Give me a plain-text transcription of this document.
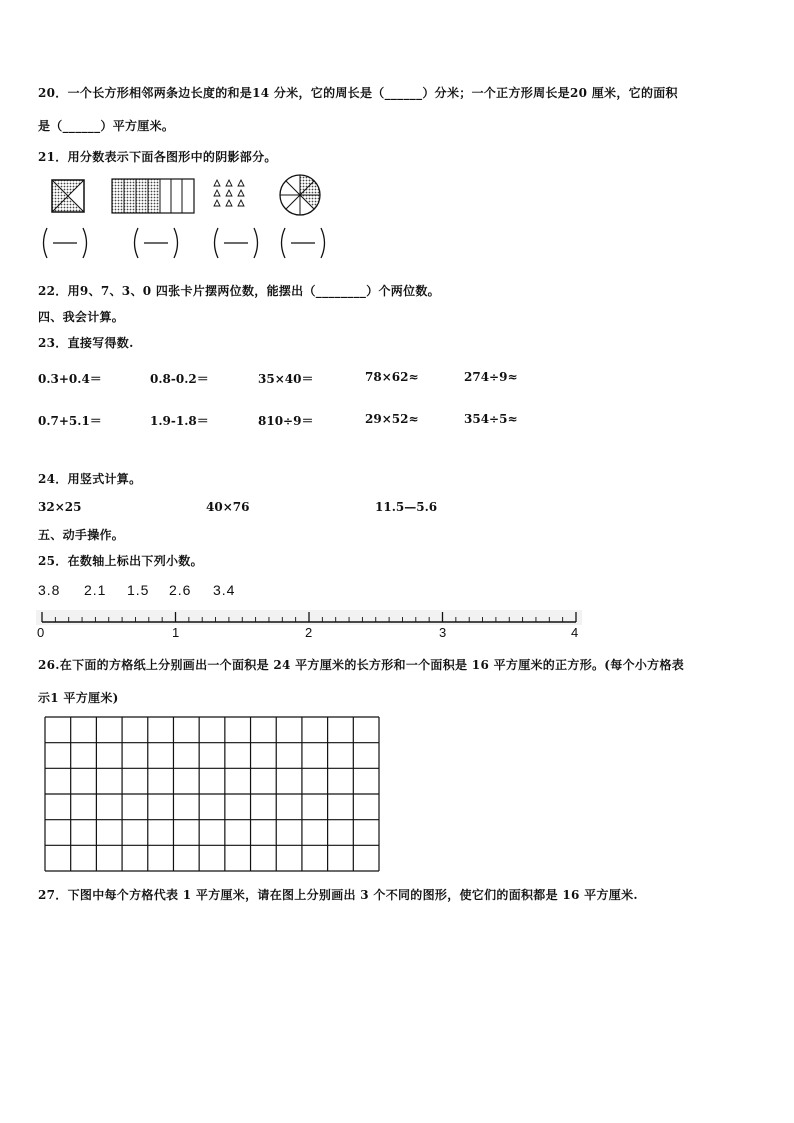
20．一个长方形相邻两条边长度的和是14 分米，它的周长是（______）分米；一个正方形周长是20 厘米，它的面积
是（______）平方厘米。
21．用分数表示下面各图形中的阴影部分。
22．用9、7、3、0 四张卡片摆两位数，能摆出（________）个两位数。
四、我会计算。
23．直接写得数.
0.3+0.4＝	0.8-0.2＝	35×40＝	78×62≈	274÷9≈
0.7+5.1＝	1.9-1.8＝	810÷9＝	29×52≈	354÷5≈
24．用竖式计算。
32×25	40×76	11.5—5.6
五、动手操作。
25．在数轴上标出下列小数。
3.8 2.1 1.5 2.6 3.4
0	1	2	3	4
26.在下面的方格纸上分别画出一个面积是 24 平方厘米的长方形和一个面积是 16 平方厘米的正方形。(每个小方格表
示1 平方厘米)
27．下图中每个方格代表 1 平方厘米，请在图上分别画出 3 个不同的图形，使它们的面积都是 16 平方厘米.
